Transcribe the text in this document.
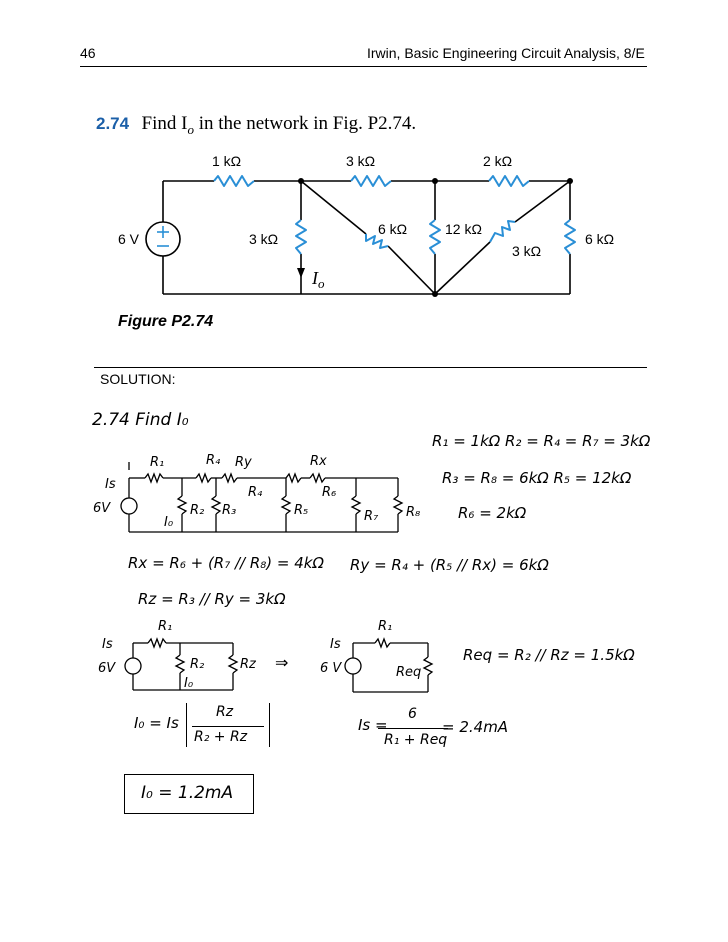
46	Irwin, Basic Engineering Circuit Analysis, 8/E
2.74 Find $I_o$ in the network in Fig. P2.74.
1 kΩ	3 kΩ	2 kΩ
6 V	3 kΩ
6 kΩ	12 kΩ
3 kΩ
6 kΩ
$I_o$
Figure P2.74
SOLUTION:
2.74 Find I₀
R₁ = 1kΩ R₂ = R₄ = R₇ = 3kΩ
R₃ = R₈ = 6kΩ R₅ = 12kΩ
R₆ = 2kΩ
R₁	R₄ Ry
R₄
Rx
R₆
Is
6V	R₂ R₃
I₀
R₅	R₇ R₈
Rx = R₆ + (R₇ // R₈) = 4kΩ Ry = R₄ + (R₅ // Rx) = 6kΩ
Rz = R₃ // Ry = 3kΩ
Is
6V
R₁
R₂
I₀
Rz ⇒
Is
6 V
R₁
Req
Req = R₂ // Rz = 1.5kΩ
I₀ = Is
Rz
R₂ + Rz
Is =
6
R₁ + Req
= 2.4mA
I₀ = 1.2mA
